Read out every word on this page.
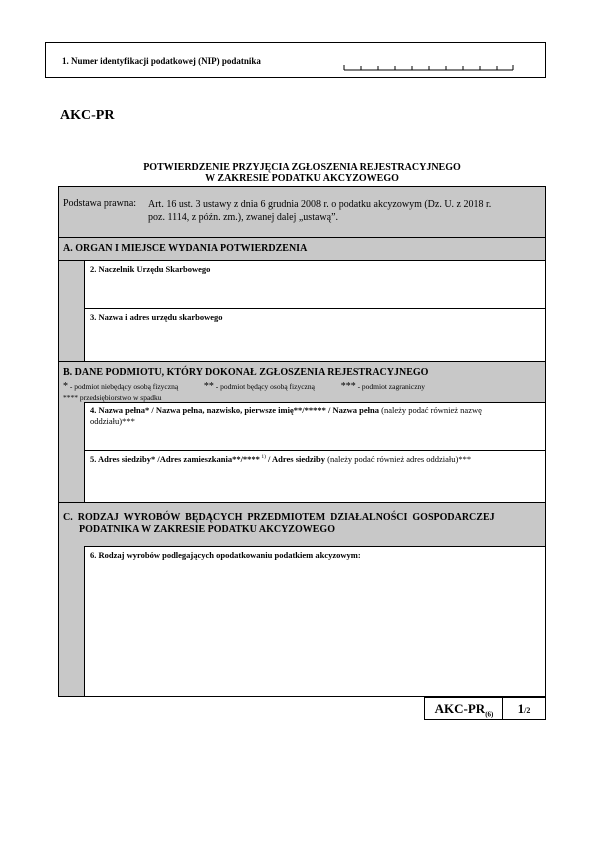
1. Numer identyfikacji podatkowej (NIP) podatnika
AKC-PR
POTWIERDZENIE PRZYJĘCIA ZGŁOSZENIA REJESTRACYJNEGO
W ZAKRESIE PODATKU AKCYZOWEGO
Podstawa prawna: Art. 16 ust. 3 ustawy z dnia 6 grudnia 2008 r. o podatku akcyzowym (Dz. U. z 2018 r.
poz. 1114, z późn. zm.), zwanej dalej „ustawą”.
A. ORGAN I MIEJSCE WYDANIA POTWIERDZENIA
2. Naczelnik Urzędu Skarbowego
3. Nazwa i adres urzędu skarbowego
B. DANE PODMIOTU, KTÓRY DOKONAŁ ZGŁOSZENIA REJESTRACYJNEGO
* - podmiot niebędący osobą fizyczną	** - podmiot będący osobą fizyczną	*** - podmiot zagraniczny
**** przedsiębiorstwo w spadku
4. Nazwa pełna* / Nazwa pełna, nazwisko, pierwsze imię**/***** / Nazwa pełna (należy podać również nazwę
oddziału)***
5. Adres siedziby* /Adres zamieszkania**/**** $^{1)}$ / Adres siedziby (należy podać również adres oddziału)***
C.  RODZAJ  WYROBÓW  BĘDĄCYCH  PRZEDMIOTEM  DZIAŁALNOŚCI  GOSPODARCZEJ
PODATNIKA W ZAKRESIE PODATKU AKCYZOWEGO
6. Rodzaj wyrobów podlegających opodatkowaniu podatkiem akcyzowym:
AKC-$PR_{(6)}$	1/2
